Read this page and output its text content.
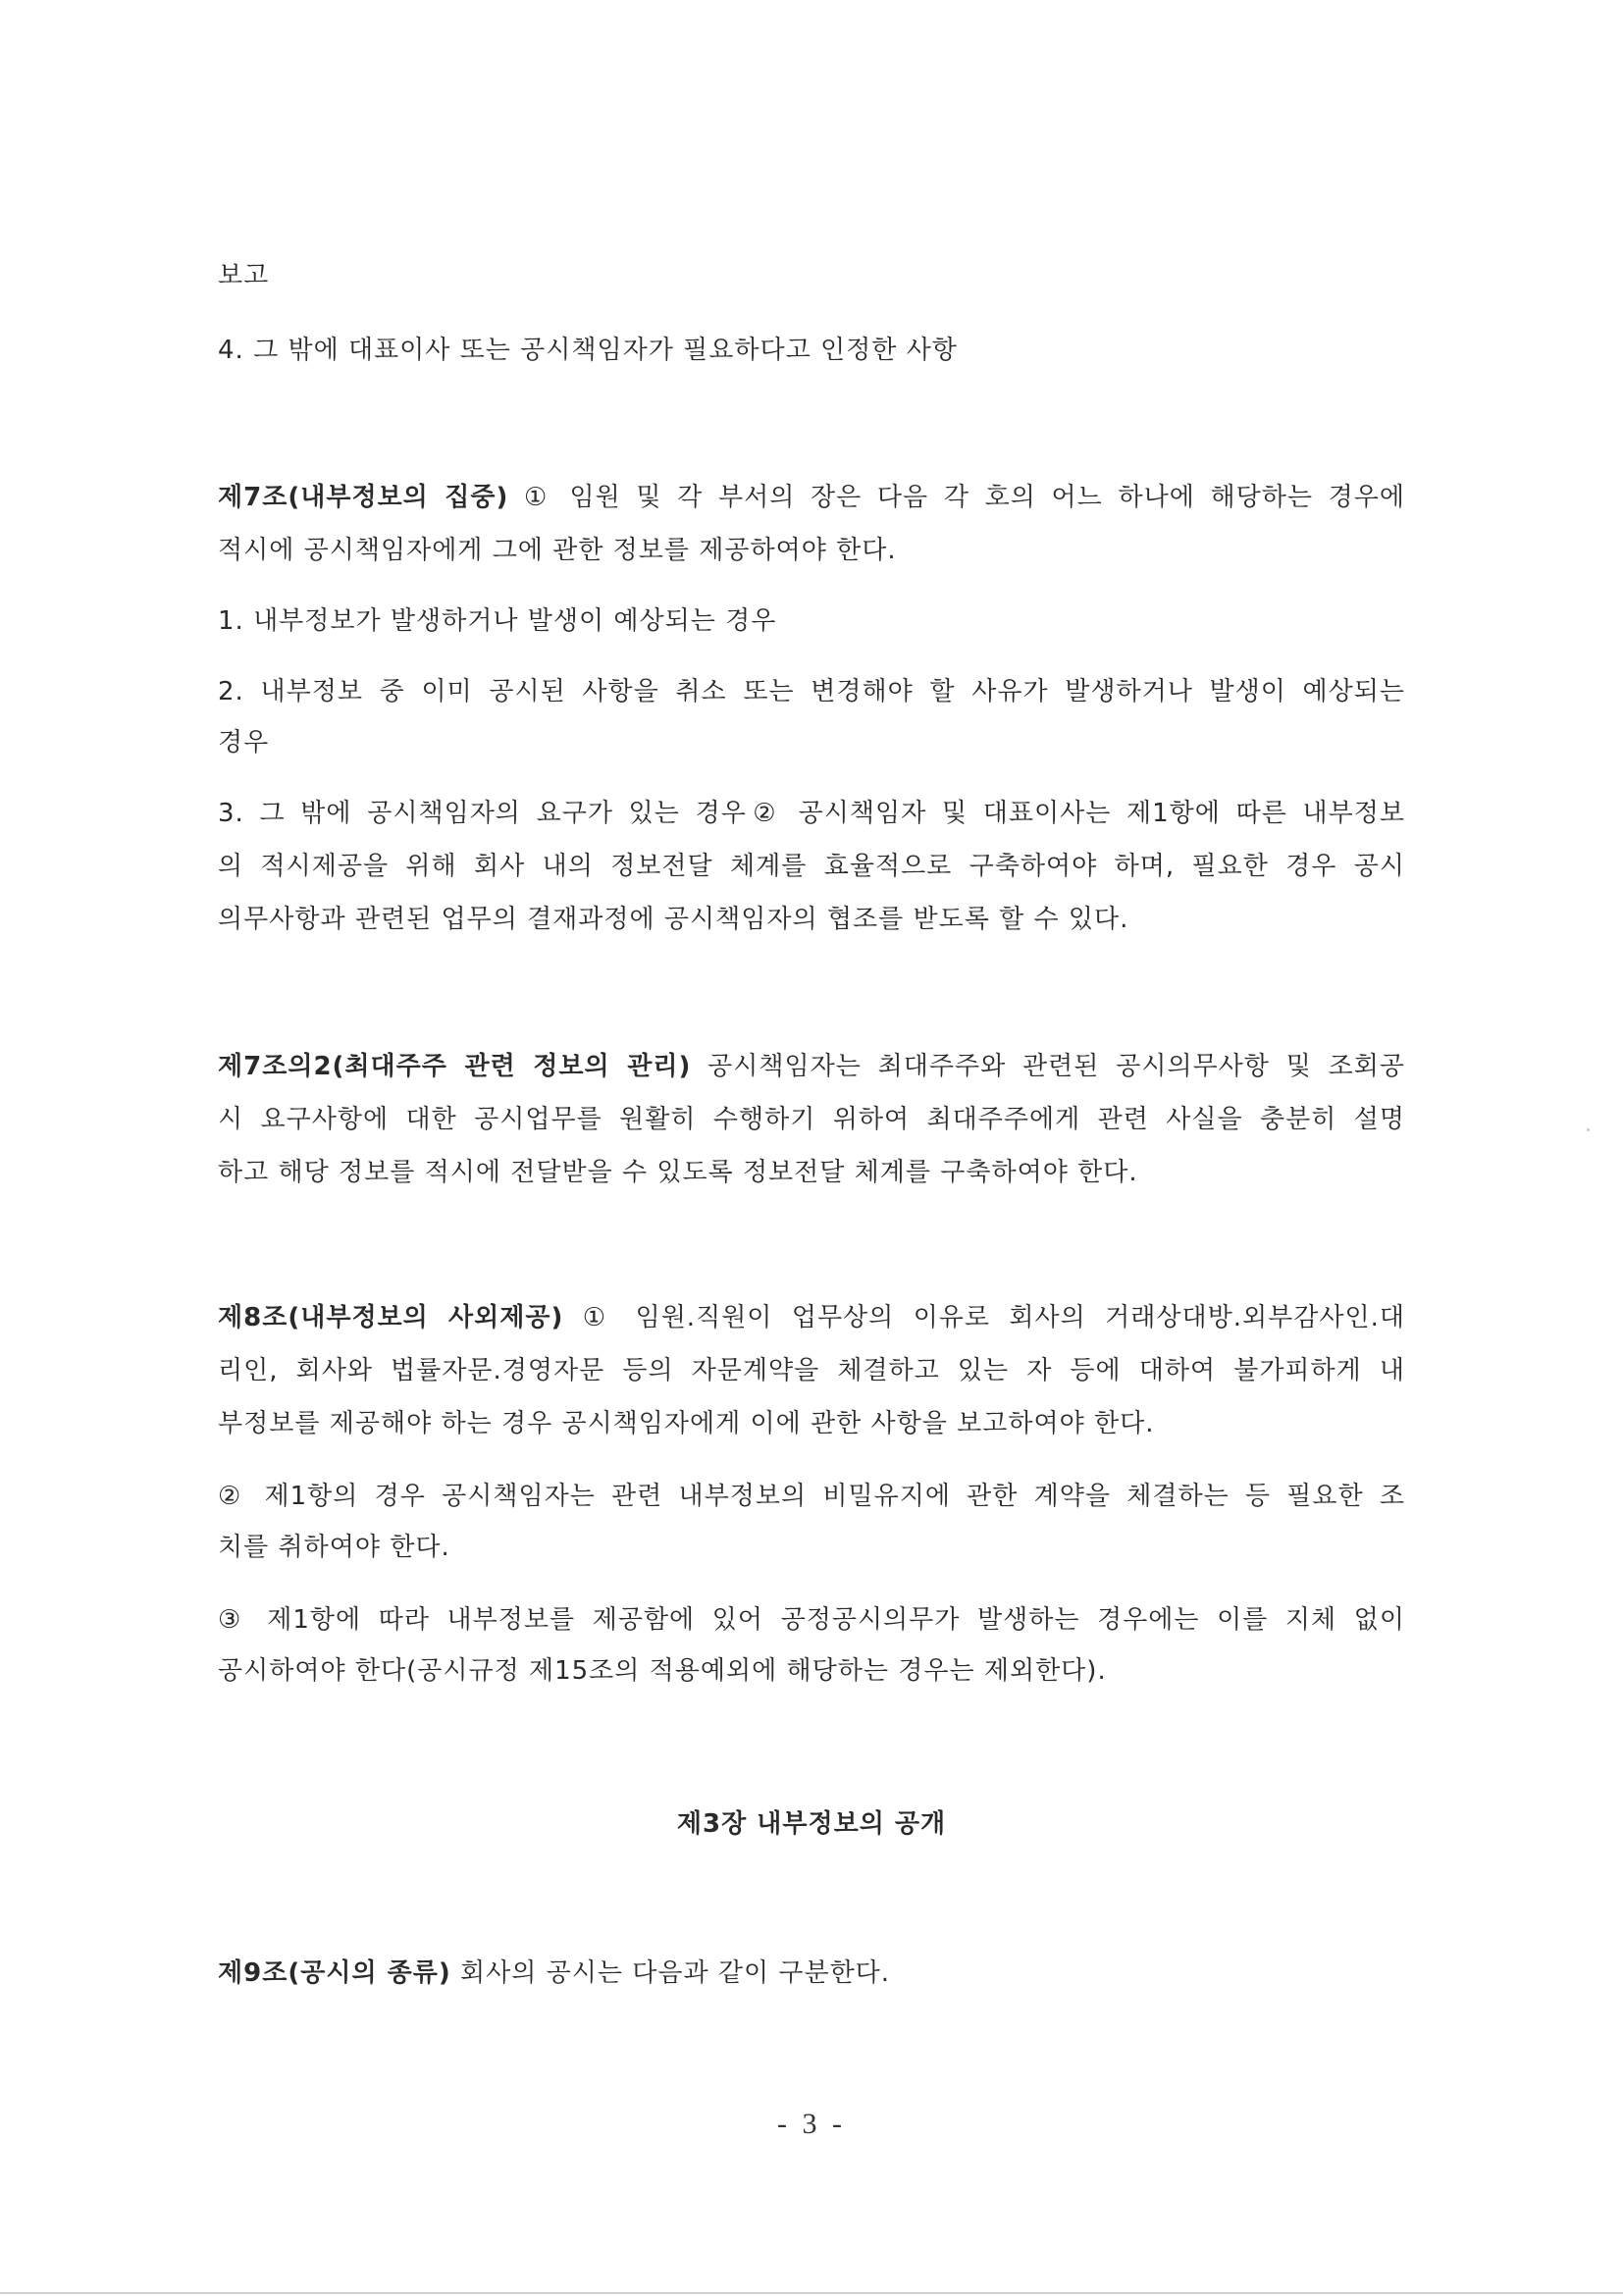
보고
4. 그 밖에 대표이사 또는 공시책임자가 필요하다고 인정한 사항
제7조(내부정보의 집중) ① 임원 및 각 부서의 장은 다음 각 호의 어느 하나에 해당하는 경우에
적시에 공시책임자에게 그에 관한 정보를 제공하여야 한다.
1. 내부정보가 발생하거나 발생이 예상되는 경우
2. 내부정보 중 이미 공시된 사항을 취소 또는 변경해야 할 사유가 발생하거나 발생이 예상되는
경우
3. 그 밖에 공시책임자의 요구가 있는 경우② 공시책임자 및 대표이사는 제1항에 따른 내부정보
의 적시제공을 위해 회사 내의 정보전달 체계를 효율적으로 구축하여야 하며, 필요한 경우 공시
의무사항과 관련된 업무의 결재과정에 공시책임자의 협조를 받도록 할 수 있다.
제7조의2(최대주주 관련 정보의 관리) 공시책임자는 최대주주와 관련된 공시의무사항 및 조회공
시 요구사항에 대한 공시업무를 원활히 수행하기 위하여 최대주주에게 관련 사실을 충분히 설명
하고 해당 정보를 적시에 전달받을 수 있도록 정보전달 체계를 구축하여야 한다.
제8조(내부정보의 사외제공) ① 임원.직원이 업무상의 이유로 회사의 거래상대방.외부감사인.대
리인, 회사와 법률자문.경영자문 등의 자문계약을 체결하고 있는 자 등에 대하여 불가피하게 내
부정보를 제공해야 하는 경우 공시책임자에게 이에 관한 사항을 보고하여야 한다.
② 제1항의 경우 공시책임자는 관련 내부정보의 비밀유지에 관한 계약을 체결하는 등 필요한 조
치를 취하여야 한다.
③ 제1항에 따라 내부정보를 제공함에 있어 공정공시의무가 발생하는 경우에는 이를 지체 없이
공시하여야 한다(공시규정 제15조의 적용예외에 해당하는 경우는 제외한다).
제3장 내부정보의 공개
제9조(공시의 종류) 회사의 공시는 다음과 같이 구분한다.
- 3 -
